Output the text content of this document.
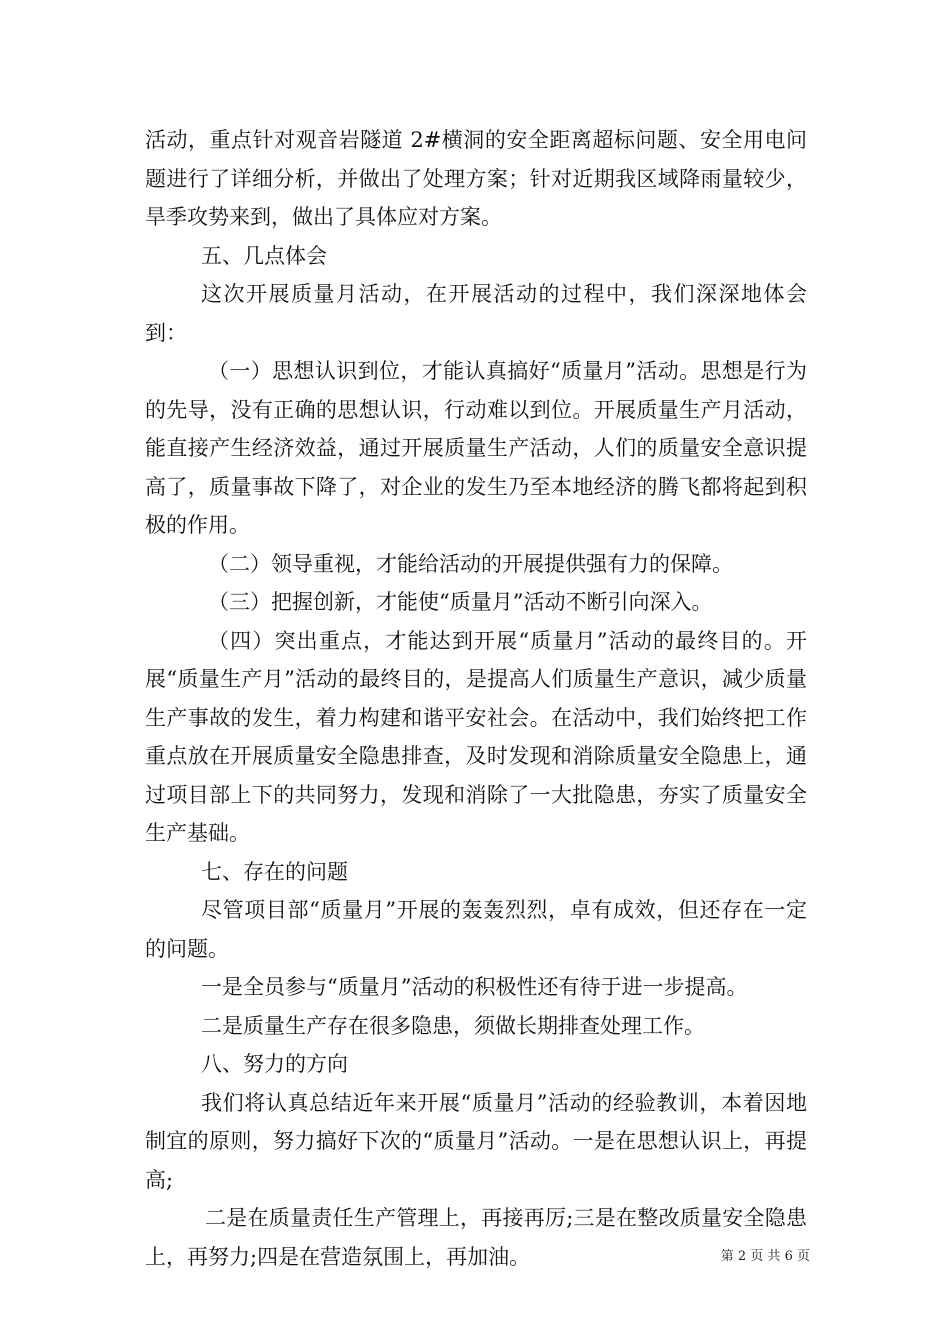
活动，重点针对观音岩隧道 2#横洞的安全距离超标问题、安全用电问题进行了详细分析，并做出了处理方案；针对近期我区域降雨量较少，旱季攻势来到，做出了具体应对方案。

五、几点体会

这次开展质量月活动，在开展活动的过程中，我们深深地体会到：

（一）思想认识到位，才能认真搞好“质量月”活动。思想是行为的先导，没有正确的思想认识，行动难以到位。开展质量生产月活动，能直接产生经济效益，通过开展质量生产活动，人们的质量安全意识提高了，质量事故下降了，对企业的发生乃至本地经济的腾飞都将起到积极的作用。

（二）领导重视，才能给活动的开展提供强有力的保障。

（三）把握创新，才能使“质量月”活动不断引向深入。

（四）突出重点，才能达到开展“质量月”活动的最终目的。开展“质量生产月”活动的最终目的，是提高人们质量生产意识，减少质量生产事故的发生，着力构建和谐平安社会。在活动中，我们始终把工作重点放在开展质量安全隐患排查，及时发现和消除质量安全隐患上，通过项目部上下的共同努力，发现和消除了一大批隐患，夯实了质量安全生产基础。

七、存在的问题

尽管项目部“质量月”开展的轰轰烈烈，卓有成效，但还存在一定的问题。

一是全员参与“质量月”活动的积极性还有待于进一步提高。

二是质量生产存在很多隐患，须做长期排查处理工作。

八、努力的方向

我们将认真总结近年来开展“质量月”活动的经验教训，本着因地制宜的原则，努力搞好下次的“质量月”活动。一是在思想认识上，再提高;

二是在质量责任生产管理上，再接再厉;三是在整改质量安全隐患上，再努力;四是在营造氛围上，再加油。	第 2 页 共 6 页
